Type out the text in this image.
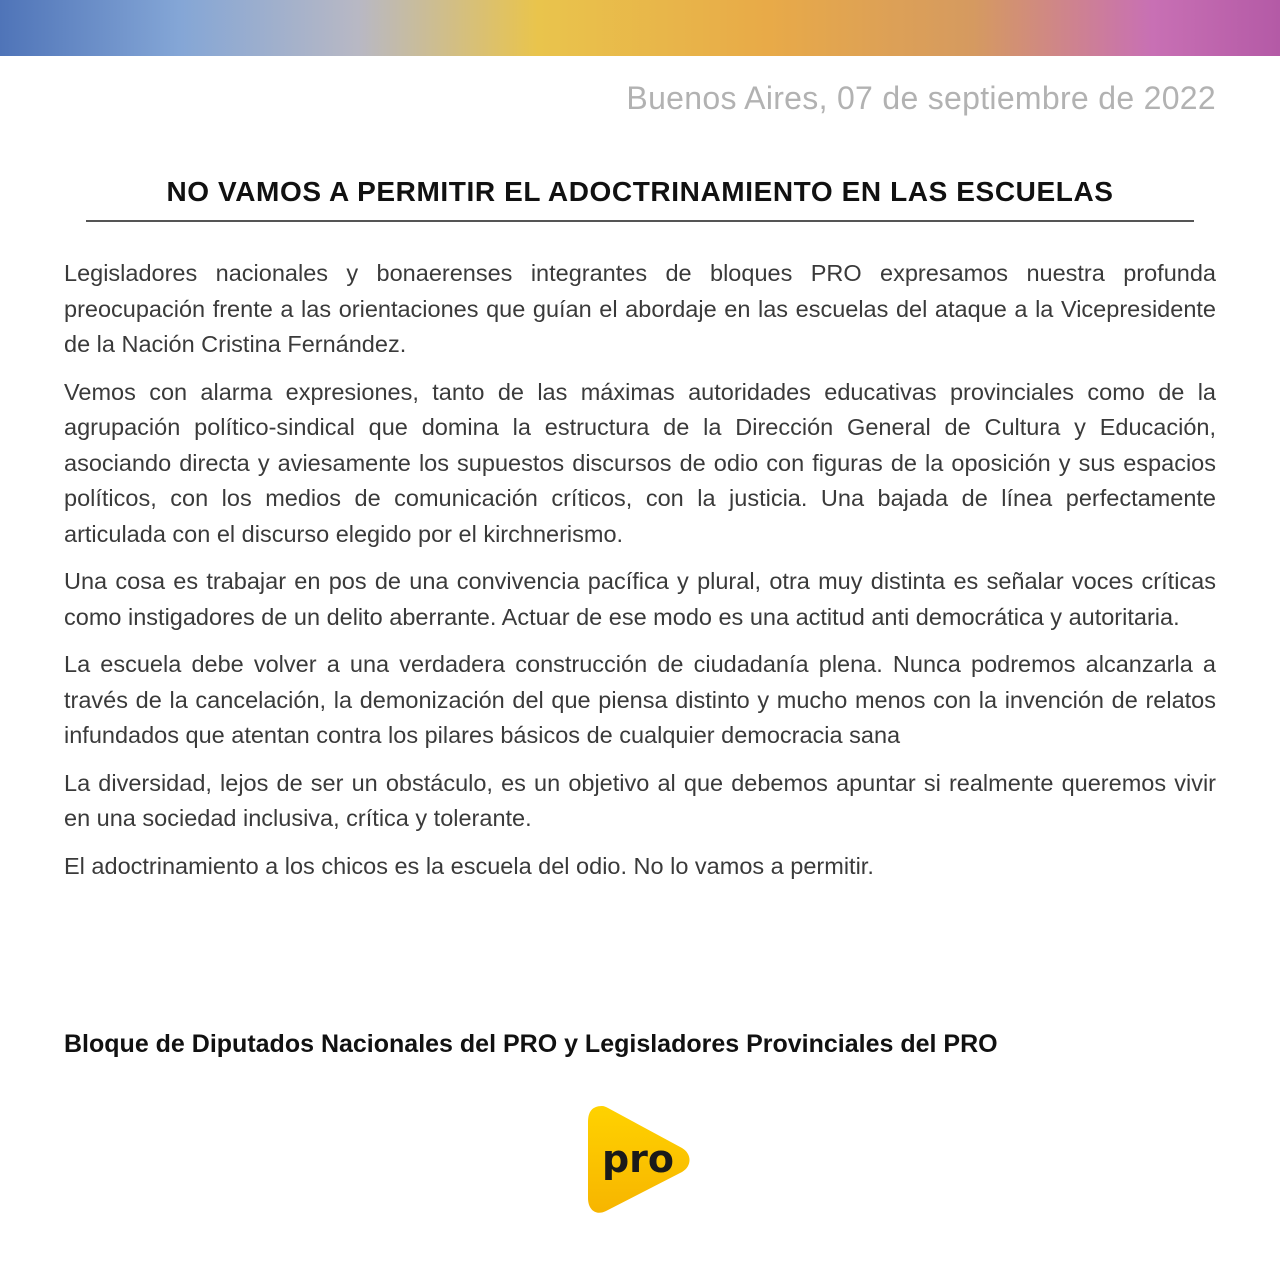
Buenos Aires, 07 de septiembre de 2022
NO VAMOS A PERMITIR EL ADOCTRINAMIENTO EN LAS ESCUELAS

Legisladores nacionales y bonaerenses integrantes de bloques PRO expresamos nuestra profunda preocupación frente a las orientaciones que guían el abordaje en las escuelas del ataque a la Vicepresidente de la Nación Cristina Fernández.

Vemos con alarma expresiones, tanto de las máximas autoridades educativas provinciales como de la agrupación político-sindical que domina la estructura de la Dirección General de Cultura y Educación, asociando directa y aviesamente los supuestos discursos de odio con figuras de la oposición y sus espacios políticos, con los medios de comunicación críticos, con la justicia. Una bajada de línea perfectamente articulada con el discurso elegido por el kirchnerismo.

Una cosa es trabajar en pos de una convivencia pacífica y plural, otra muy distinta es señalar voces críticas como instigadores de un delito aberrante. Actuar de ese modo es una actitud anti democrática y autoritaria.

La escuela debe volver a una verdadera construcción de ciudadanía plena. Nunca podremos alcanzarla a través de la cancelación, la demonización del que piensa distinto y mucho menos con la invención de relatos infundados que atentan contra los pilares básicos de cualquier democracia sana

La diversidad, lejos de ser un obstáculo, es un objetivo al que debemos apuntar si realmente queremos vivir en una sociedad inclusiva, crítica y tolerante.

El adoctrinamiento a los chicos es la escuela del odio. No lo vamos a permitir.

Bloque de Diputados Nacionales del PRO y Legisladores Provinciales del PRO
pro
